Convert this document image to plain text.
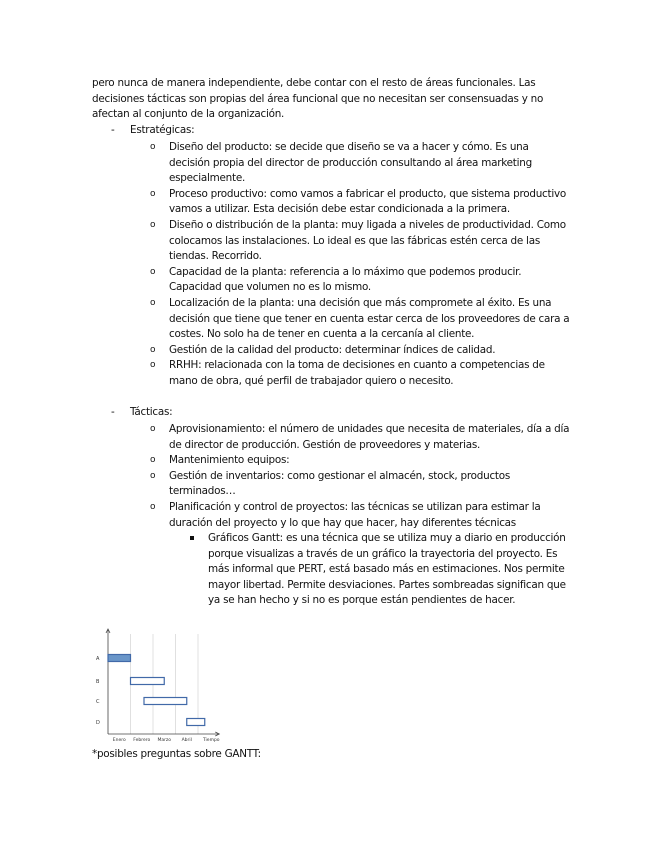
pero nunca de manera independiente, debe contar con el resto de áreas funcionales. Las decisiones tácticas son propias del área funcional que no necesitan ser consensuadas y no afectan al conjunto de la organización.

- Estratégicas:
o Diseño del producto: se decide que diseño se va a hacer y cómo. Es una decisión propia del director de producción consultando al área marketing especialmente.
o Proceso productivo: como vamos a fabricar el producto, que sistema productivo vamos a utilizar. Esta decisión debe estar condicionada a la primera.
o Diseño o distribución de la planta: muy ligada a niveles de productividad. Como colocamos las instalaciones. Lo ideal es que las fábricas estén cerca de las tiendas. Recorrido.
o Capacidad de la planta: referencia a lo máximo que podemos producir. Capacidad que volumen no es lo mismo.
o Localización de la planta: una decisión que más compromete al éxito. Es una decisión que tiene que tener en cuenta estar cerca de los proveedores de cara a costes. No solo ha de tener en cuenta a la cercanía al cliente.
o Gestión de la calidad del producto: determinar índices de calidad.
o RRHH: relacionada con la toma de decisiones en cuanto a competencias de mano de obra, qué perfil de trabajador quiero o necesito.
- Tácticas:
o Aprovisionamiento: el número de unidades que necesita de materiales, día a día de director de producción. Gestión de proveedores y materias.
o Mantenimiento equipos:
o Gestión de inventarios: como gestionar el almacén, stock, productos terminados…
o Planificación y control de proyectos: las técnicas se utilizan para estimar la duración del proyecto y lo que hay que hacer, hay diferentes técnicas
Gráficos Gantt: es una técnica que se utiliza muy a diario en producción porque visualizas a través de un gráfico la trayectoria del proyecto. Es más informal que PERT, está basado más en estimaciones. Nos permite mayor libertad. Permite desviaciones. Partes sombreadas significan que ya se han hecho y si no es porque están pendientes de hacer.
A
B
C
D
Enero Febrero Marzo Abril Tiempo
*posibles preguntas sobre GANTT:
